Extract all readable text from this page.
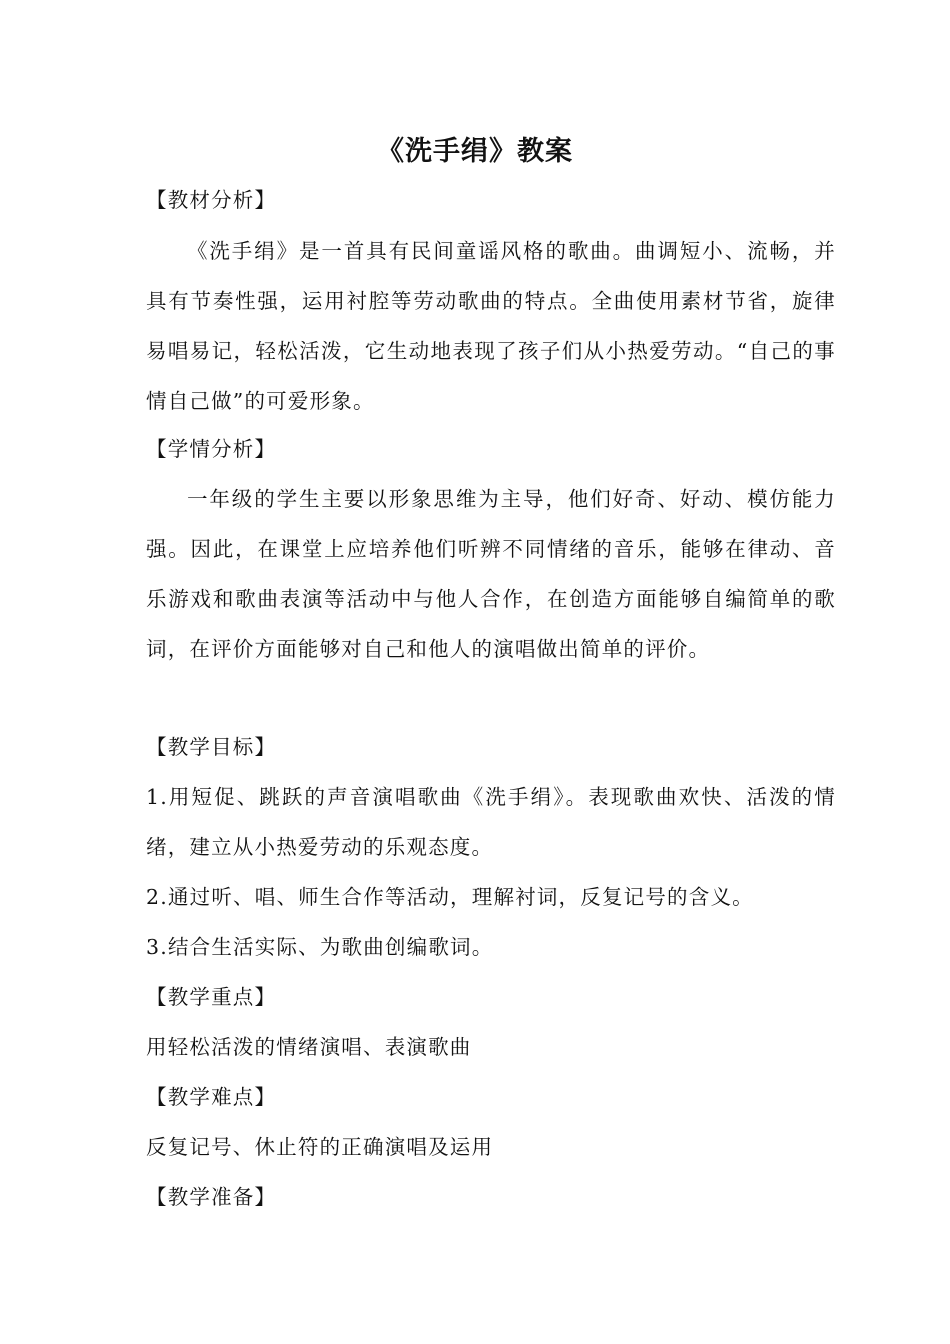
《洗手绢》教案
【教材分析】
《洗手绢》是一首具有民间童谣风格的歌曲。曲调短小、流畅，并具有节奏性强，运用衬腔等劳动歌曲的特点。全曲使用素材节省，旋律易唱易记，轻松活泼，它生动地表现了孩子们从小热爱劳动。“自己的事情自己做”的可爱形象。
【学情分析】
一年级的学生主要以形象思维为主导，他们好奇、好动、模仿能力强。因此，在课堂上应培养他们听辨不同情绪的音乐，能够在律动、音乐游戏和歌曲表演等活动中与他人合作，在创造方面能够自编简单的歌词，在评价方面能够对自己和他人的演唱做出简单的评价。
【教学目标】
1.用短促、跳跃的声音演唱歌曲《洗手绢》。表现歌曲欢快、活泼的情绪，建立从小热爱劳动的乐观态度。
2.通过听、唱、师生合作等活动，理解衬词，反复记号的含义。
3.结合生活实际、为歌曲创编歌词。
【教学重点】
用轻松活泼的情绪演唱、表演歌曲
【教学难点】
反复记号、休止符的正确演唱及运用
【教学准备】
